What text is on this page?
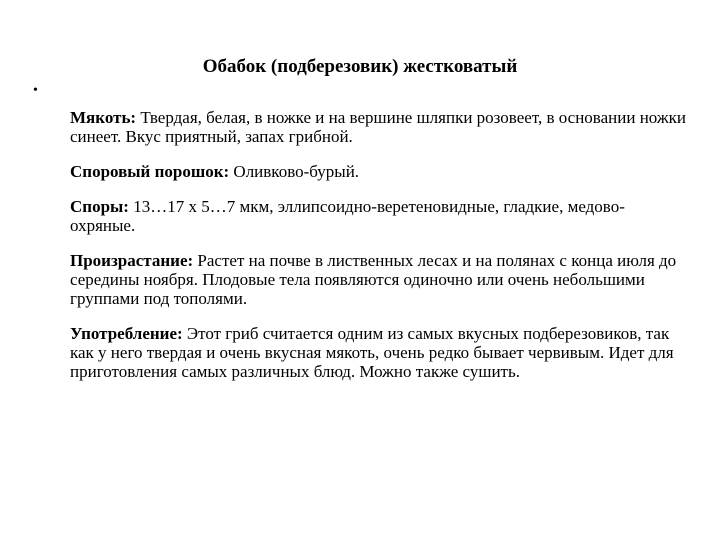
Обабок (подберезовик) жестковатый
•

Мякоть: Твердая, белая, в ножке и на вершине шляпки розовеет, в основании ножки синеет. Вкус приятный, запах грибной.

Споровый порошок: Оливково-бурый.

Споры: 13…17 х 5…7 мкм, эллипсоидно-веретеновидные, гладкие, медово-охряные.

Произрастание: Растет на почве в лиственных лесах и на полянах с конца июля до середины ноября. Плодовые тела появляются одиночно или очень небольшими группами под тополями.

Употребление: Этот гриб считается одним из самых вкусных подберезовиков, так как у него твердая и очень вкусная мякоть, очень редко бывает червивым. Идет для приготовления самых различных блюд. Можно также сушить.
